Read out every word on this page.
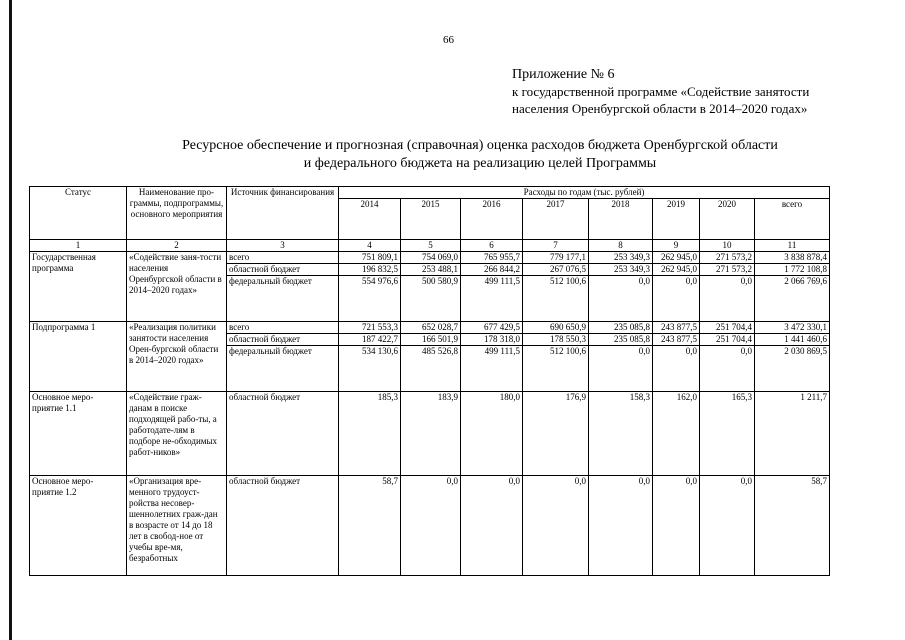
66
Приложение № 6
к государственной программе «Содействие занятости
населения Оренбургской области в 2014–2020 годах»
Ресурсное обеспечение и прогнозная (справочная) оценка расходов бюджета Оренбургской области
и федерального бюджета на реализацию целей Программы
Статус	Наименование про-граммы, подпрограммы, основного мероприятия	Источник финансирования	Расходы по годам (тыс. рублей)							
			2014	2015	2016	2017	2018	2019	2020	всего
1	2	3	4	5	6	7	8	9	10	11
Государственная программа	«Содействие заня-тости населения Оренбургской области в 2014–2020 годах»	всего	751 809,1	754 069,0	765 955,7	779 177,1	253 349,3	262 945,0	271 573,2	3 838 878,4
		областной бюджет	196 832,5	253 488,1	266 844,2	267 076,5	253 349,3	262 945,0	271 573,2	1 772 108,8
		федеральный бюджет	554 976,6	500 580,9	499 111,5	512 100,6	0,0	0,0	0,0	2 066 769,6
Подпрограмма 1	«Реализация политики занятости населения Орен-бургской области в 2014–2020 годах»	всего	721 553,3	652 028,7	677 429,5	690 650,9	235 085,8	243 877,5	251 704,4	3 472 330,1
		областной бюджет	187 422,7	166 501,9	178 318,0	178 550,3	235 085,8	243 877,5	251 704,4	1 441 460,6
		федеральный бюджет	534 130,6	485 526,8	499 111,5	512 100,6	0,0	0,0	0,0	2 030 869,5
Основное меро-приятие 1.1	«Содействие граж-данам в поиске подходящей рабо-ты, а работодате-лям в подборе не-обходимых работ-ников»	областной бюджет	185,3	183,9	180,0	176,9	158,3	162,0	165,3	1 211,7
Основное меро-приятие 1.2	«Организация вре-менного трудоуст-ройства несовер-шеннолетних граж-дан в возрасте от 14 до 18 лет в свобод-ное от учебы вре-мя, безработных	областной бюджет	58,7	0,0	0,0	0,0	0,0	0,0	0,0	58,7
